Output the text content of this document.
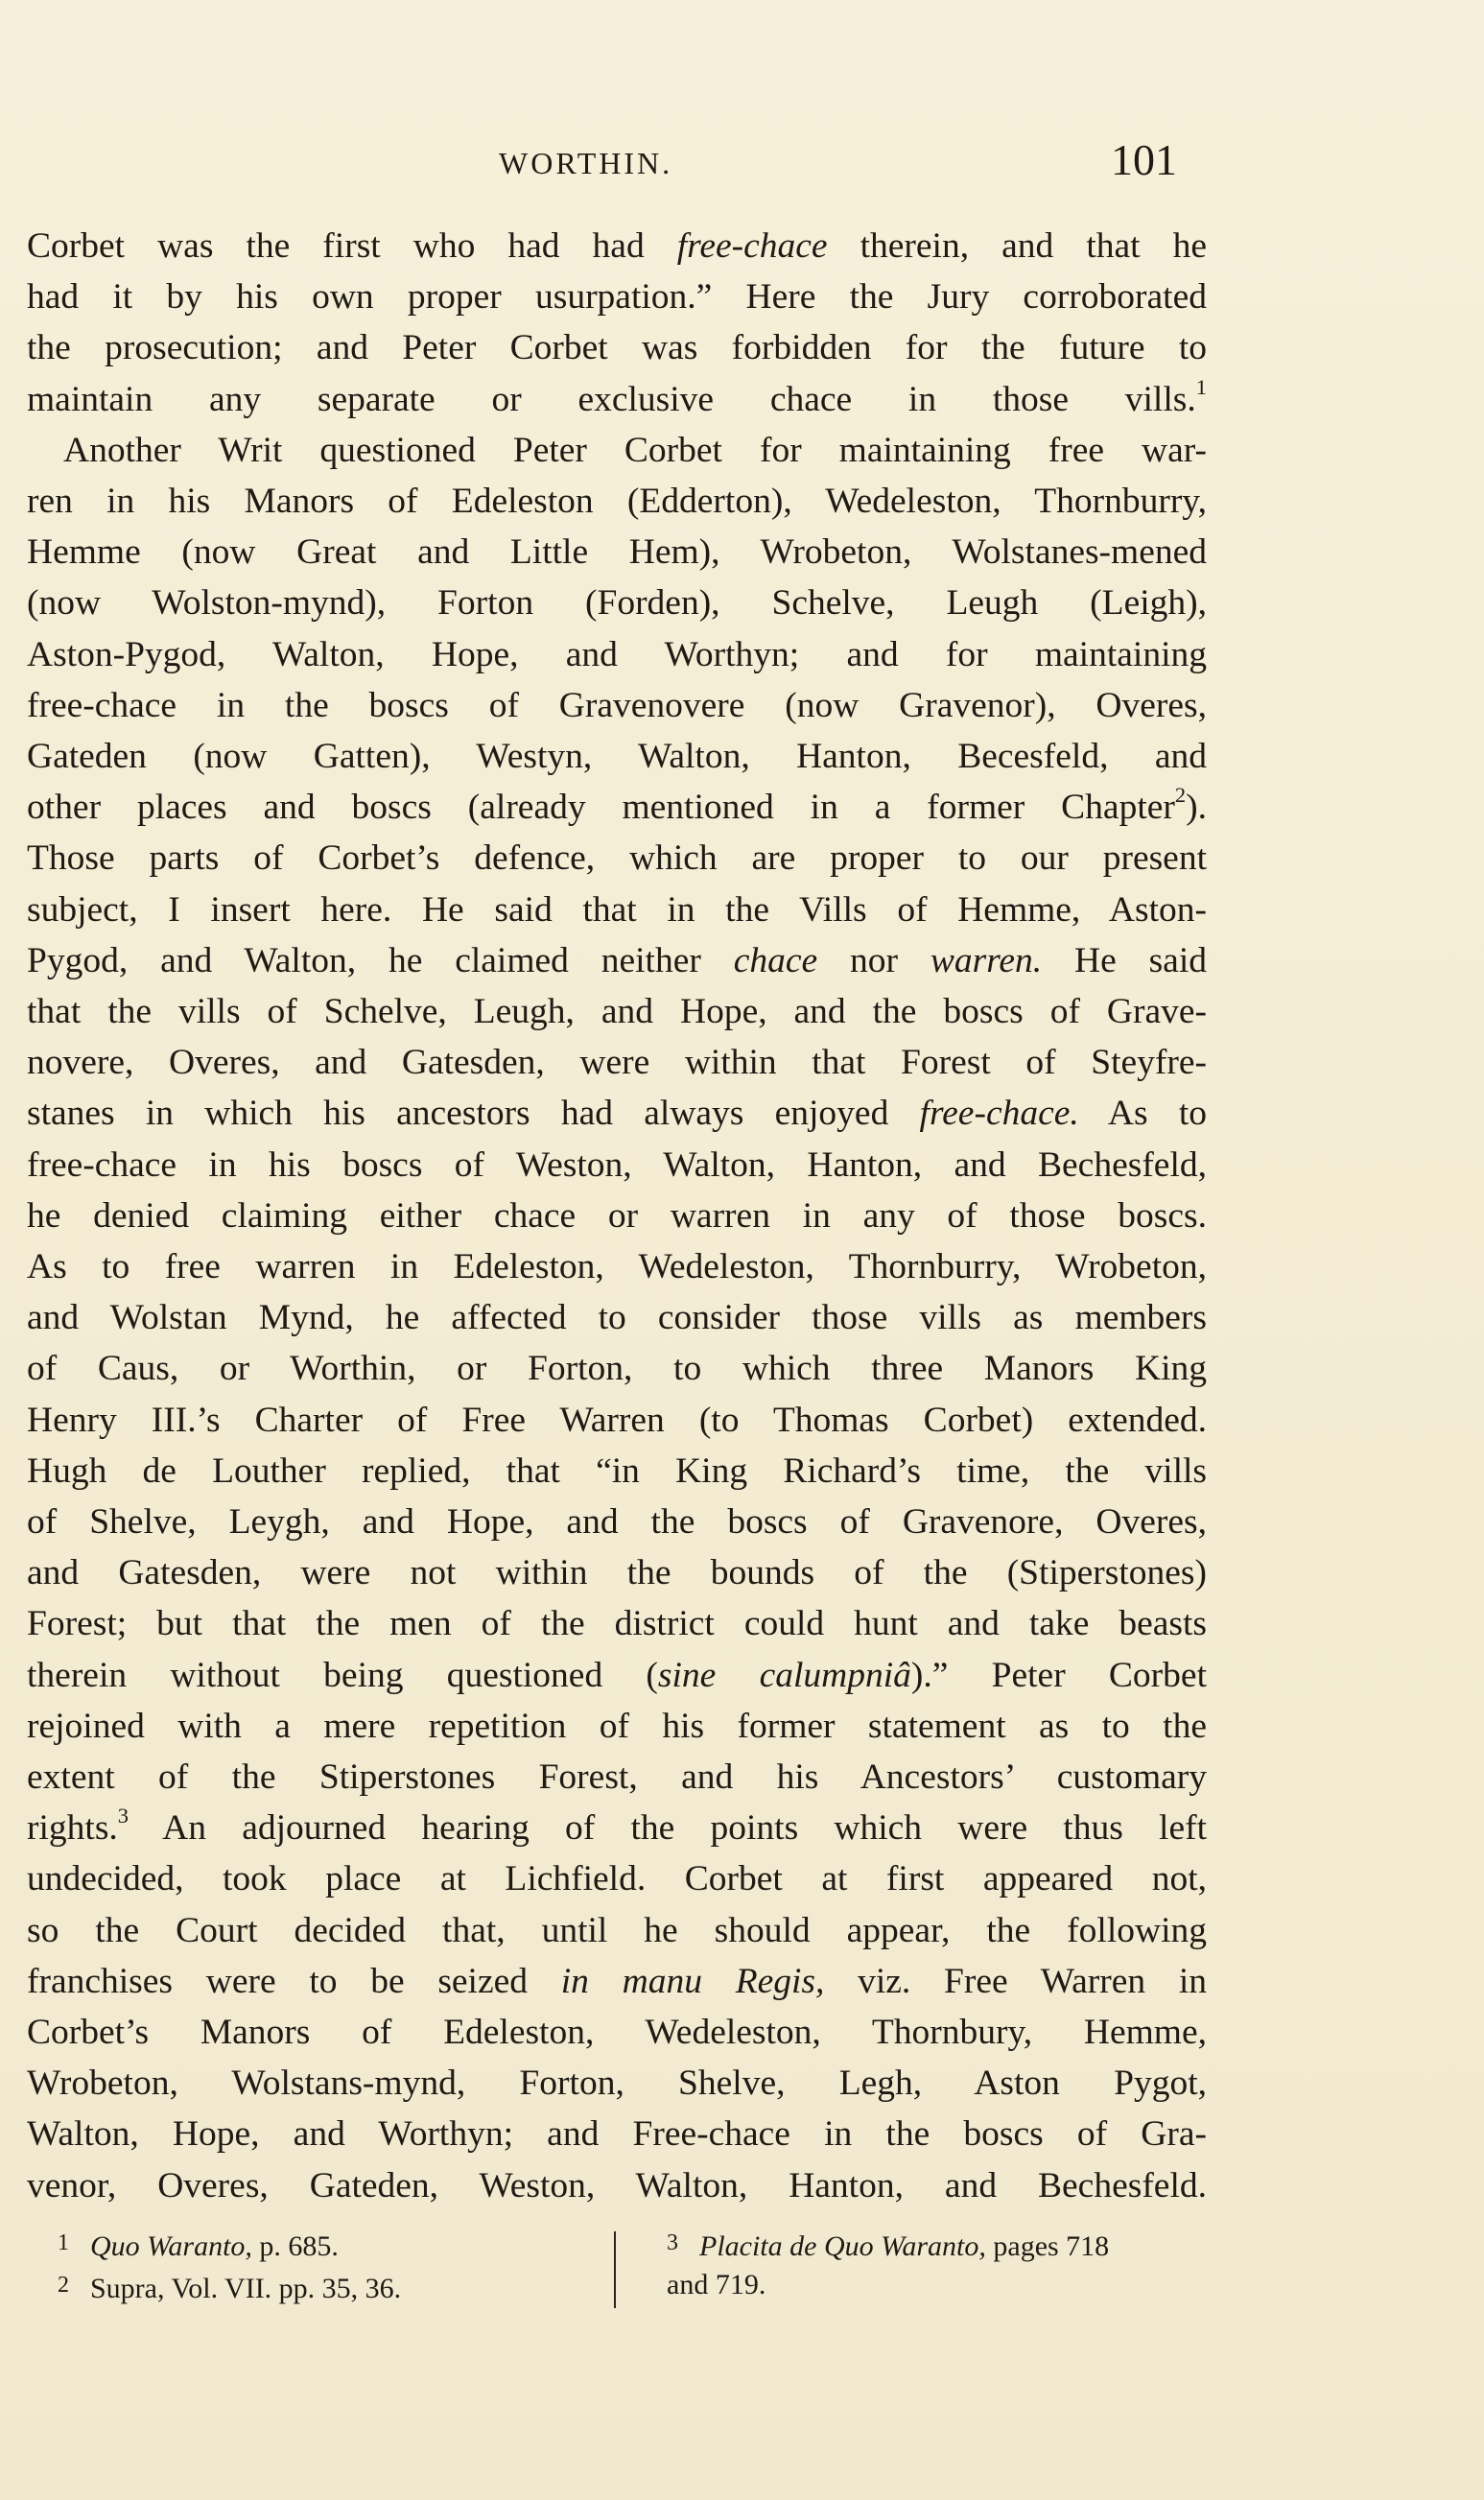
WORTHIN.	101
Corbet was the first who had had free-chace therein, and that he
had it by his own proper usurpation.” Here the Jury corroborated
the prosecution; and Peter Corbet was forbidden for the future to
maintain any separate or exclusive chace in those vills.$^1$
Another Writ questioned Peter Corbet for maintaining free war-
ren in his Manors of Edeleston (Edderton), Wedeleston, Thornburry,
Hemme (now Great and Little Hem), Wrobeton, Wolstanes-mened
(now Wolston-mynd), Forton (Forden), Schelve, Leugh (Leigh),
Aston-Pygod, Walton, Hope, and Worthyn; and for maintaining
free-chace in the boscs of Gravenovere (now Gravenor), Overes,
Gateden (now Gatten), Westyn, Walton, Hanton, Becesfeld, and
other places and boscs (already mentioned in a former Chapter$^2$).
Those parts of Corbet’s defence, which are proper to our present
subject, I insert here. He said that in the Vills of Hemme, Aston-
Pygod, and Walton, he claimed neither chace nor warren. He said
that the vills of Schelve, Leugh, and Hope, and the boscs of Grave-
novere, Overes, and Gatesden, were within that Forest of Steyfre-
stanes in which his ancestors had always enjoyed free-chace. As to
free-chace in his boscs of Weston, Walton, Hanton, and Bechesfeld,
he denied claiming either chace or warren in any of those boscs.
As to free warren in Edeleston, Wedeleston, Thornburry, Wrobeton,
and Wolstan Mynd, he affected to consider those vills as members
of Caus, or Worthin, or Forton, to which three Manors King
Henry III.’s Charter of Free Warren (to Thomas Corbet) extended.
Hugh de Louther replied, that “in King Richard’s time, the vills
of Shelve, Leygh, and Hope, and the boscs of Gravenore, Overes,
and Gatesden, were not within the bounds of the (Stiperstones)
Forest; but that the men of the district could hunt and take beasts
therein without being questioned (sine calumpniâ).” Peter Corbet
rejoined with a mere repetition of his former statement as to the
extent of the Stiperstones Forest, and his Ancestors’ customary
rights.$^3$ An adjourned hearing of the points which were thus left
undecided, took place at Lichfield. Corbet at first appeared not,
so the Court decided that, until he should appear, the following
franchises were to be seized in manu Regis, viz. Free Warren in
Corbet’s Manors of Edeleston, Wedeleston, Thornbury, Hemme,
Wrobeton, Wolstans-mynd, Forton, Shelve, Legh, Aston Pygot,
Walton, Hope, and Worthyn; and Free-chace in the boscs of Gra-
venor, Overes, Gateden, Weston, Walton, Hanton, and Bechesfeld.
1 Quo Waranto, p. 685.
2 Supra, Vol. VII. pp. 35, 36.
3 Placita de Quo Waranto, pages 718
and 719.
